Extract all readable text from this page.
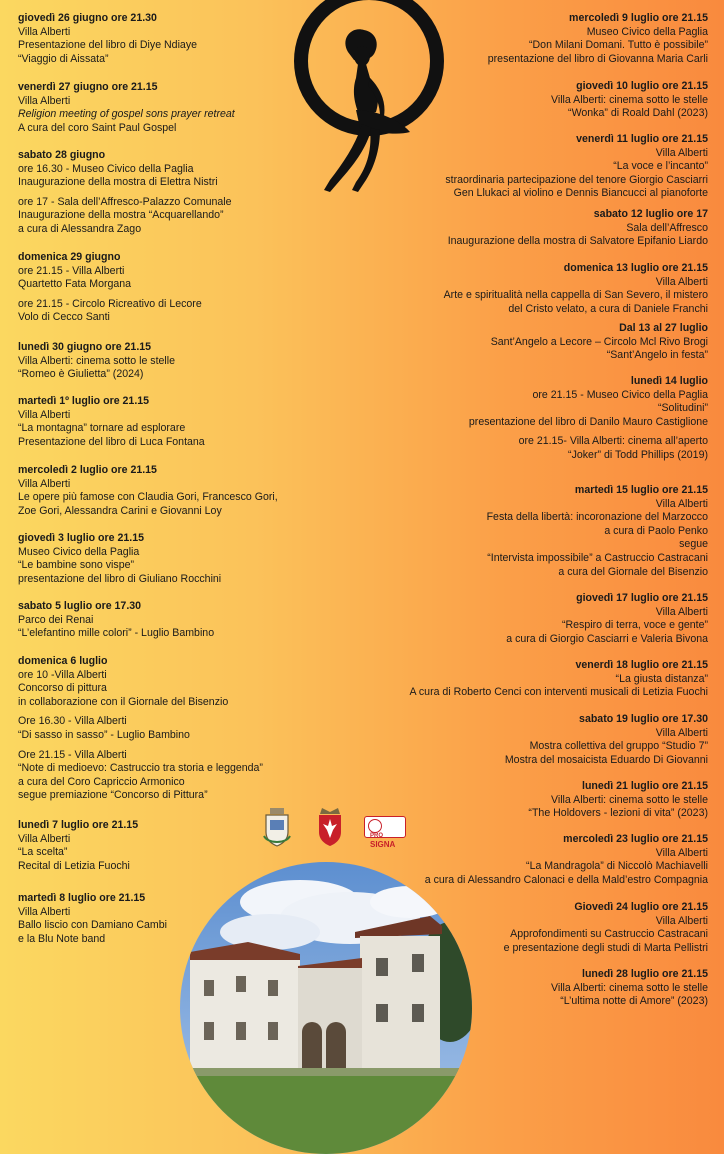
giovedì 26 giugno ore 21.30
Villa Alberti
Presentazione del libro di Diye Ndiaye
“Viaggio di Aissata”
venerdì 27 giugno ore 21.15
Villa Alberti
Religion meeting of gospel sons prayer retreat
A cura del coro Saint Paul Gospel
sabato 28 giugno
ore 16.30 - Museo Civico della Paglia
Inaugurazione della mostra di Elettra Nistri
ore 17 - Sala dell’Affresco-Palazzo Comunale
Inaugurazione della mostra “Acquarellando”
a cura di Alessandra Zago
domenica 29 giugno
ore 21.15 - Villa Alberti
Quartetto Fata Morgana
ore 21.15 - Circolo Ricreativo di Lecore
Volo di Cecco Santi
lunedì 30 giugno ore 21.15
Villa Alberti: cinema sotto le stelle
“Romeo è Giulietta” (2024)
martedì 1º luglio ore 21.15
Villa Alberti
“La montagna” tornare ad esplorare
Presentazione del libro di Luca Fontana
mercoledì 2 luglio ore 21.15
Villa Alberti
Le opere più famose con Claudia Gori, Francesco Gori,
Zoe Gori, Alessandra Carini e Giovanni Loy
giovedì 3 luglio ore 21.15
Museo Civico della Paglia
“Le bambine sono vispe”
presentazione del libro di Giuliano Rocchini
sabato 5 luglio ore 17.30
Parco dei Renai
“L’elefantino mille colori” - Luglio Bambino
domenica 6 luglio
ore 10 -Villa Alberti
Concorso di pittura
in collaborazione con il Giornale del Bisenzio
Ore 16.30 - Villa Alberti
“Di sasso in sasso” - Luglio Bambino
Ore 21.15 - Villa Alberti
“Note di medioevo: Castruccio tra storia e leggenda”
a cura del Coro Capriccio Armonico
segue premiazione “Concorso di Pittura”
lunedì 7 luglio ore 21.15
Villa Alberti
“La scelta”
Recital di Letizia Fuochi
martedì 8 luglio ore 21.15
Villa Alberti
Ballo liscio con Damiano Cambi
e la Blu Note band
mercoledì 9 luglio ore 21.15
Museo Civico della Paglia
“Don Milani Domani. Tutto è possibile”
presentazione del libro di Giovanna Maria Carli
giovedì 10 luglio ore 21.15
Villa Alberti: cinema sotto le stelle
“Wonka” di Roald Dahl (2023)
venerdì 11 luglio ore 21.15
Villa Alberti
“La voce e l’incanto”
straordinaria partecipazione del tenore Giorgio Casciarri
Gen Llukaci al violino e Dennis Biancucci al pianoforte
sabato 12 luglio ore 17
Sala dell’Affresco
Inaugurazione della mostra di Salvatore Epifanio Liardo
domenica 13 luglio ore 21.15
Villa Alberti
Arte e spiritualità nella cappella di San Severo, il mistero
del Cristo velato, a cura di Daniele Franchi
Dal 13 al 27 luglio
Sant’Angelo a Lecore – Circolo Mcl Rivo Brogi
“Sant’Angelo in festa”
lunedì 14 luglio
ore 21.15 - Museo Civico della Paglia
“Solitudini”
presentazione del libro di Danilo Mauro Castiglione
ore 21.15- Villa Alberti: cinema all’aperto
“Joker” di Todd Phillips (2019)
martedì 15 luglio ore 21.15
Villa Alberti
Festa della libertà: incoronazione del Marzocco
a cura di Paolo Penko
segue
“Intervista impossibile” a Castruccio Castracani
a cura del Giornale del Bisenzio
giovedì 17 luglio ore 21.15
Villa Alberti
“Respiro di terra, voce e gente”
a cura di Giorgio Casciarri e Valeria Bivona
venerdì 18 luglio ore 21.15
“La giusta distanza”
A cura di Roberto Cenci con interventi musicali di Letizia Fuochi
sabato 19 luglio ore 17.30
Villa Alberti
Mostra collettiva del gruppo “Studio 7”
Mostra del mosaicista Eduardo Di Giovanni
lunedì 21 luglio ore 21.15
Villa Alberti: cinema sotto le stelle
“The Holdovers - lezioni di vita” (2023)
mercoledì 23 luglio ore 21.15
Villa Alberti
“La Mandragola” di Niccolò Machiavelli
a cura di Alessandro Calonaci e della Mald’estro Compagnia
Giovedì 24 luglio ore 21.15
Villa Alberti
Approfondimenti su Castruccio Castracani
e presentazione degli studi di Marta Pellistri
lunedì 28 luglio ore 21.15
Villa Alberti: cinema sotto le stelle
“L’ultima notte di Amore” (2023)
PRO
SIGNA
